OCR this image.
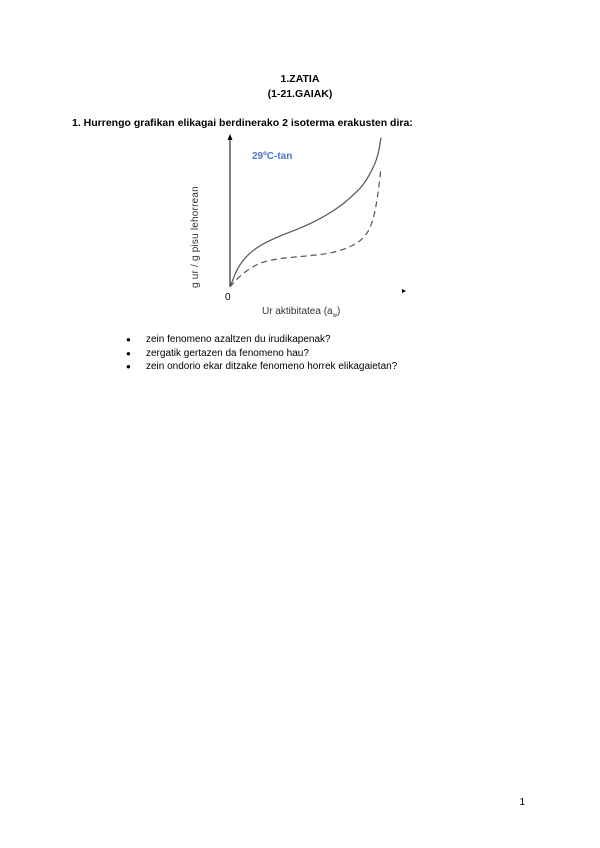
1.ZATIA
(1-21.GAIAK)
1. Hurrengo grafikan elikagai berdinerako 2 isoterma erakusten dira:
g ur / g pisu lehorrean
29ºC-tan
0
Ur aktibitatea $(a_w)$
● zein fenomeno azaltzen du irudikapenak?
● zergatik gertazen da fenomeno hau?
● zein ondorio ekar ditzake fenomeno horrek elikagaietan?
1
